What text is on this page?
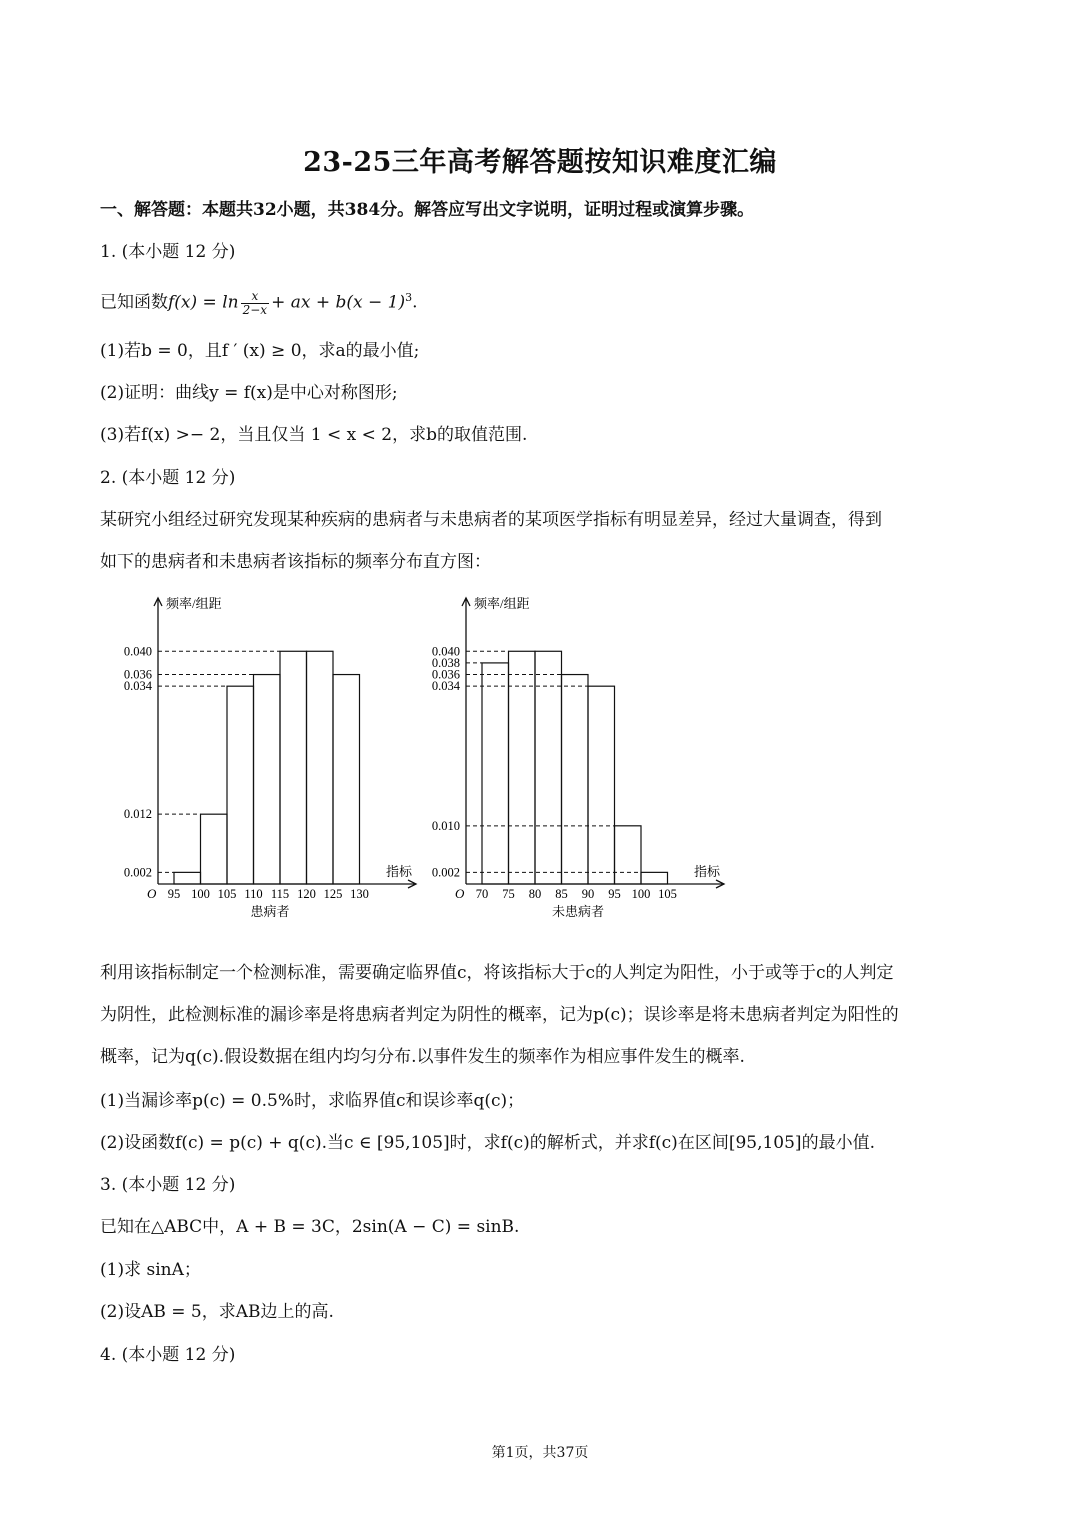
23-25三年高考解答题按知识难度汇编
一、解答题：本题共32小题，共384分。解答应写出文字说明，证明过程或演算步骤。
1. (本小题 12 分)
已知函数$f(x) = \ln \frac{x}{2-x}$ + ax + $b(x - 1)^3$.
(1)若b = 0，且f ′ (x) ≥ 0，求a的最小值;
(2)证明：曲线y = f(x)是中心对称图形;
(3)若f(x) >− 2，当且仅当 1 < x < 2，求b的取值范围.
2. (本小题 12 分)
某研究小组经过研究发现某种疾病的患病者与未患病者的某项医学指标有明显差异，经过大量调查，得到
如下的患病者和未患病者该指标的频率分布直方图：
频率/组距
指标
O
0.002
0.012
0.034
0.036
0.040
95 100 105 110 115 120 125 130
患病者
频率/组距
指标
O
0.002
0.010
0.034
0.036
0.038
0.040
70 75 80 85 90 95 100 105
未患病者
利用该指标制定一个检测标准，需要确定临界值c，将该指标大于c的人判定为阳性，小于或等于c的人判定
为阴性，此检测标准的漏诊率是将患病者判定为阴性的概率，记为p(c)；误诊率是将未患病者判定为阳性的
概率，记为q(c).假设数据在组内均匀分布.以事件发生的频率作为相应事件发生的概率.
(1)当漏诊率p(c) = 0.5%时，求临界值c和误诊率q(c)；
(2)设函数f(c) = p(c) + q(c).当c ∈ [95,105]时，求f(c)的解析式，并求f(c)在区间[95,105]的最小值.
3. (本小题 12 分)
已知在△ABC中，A + B = 3C，2sin(A − C) = sinB.
(1)求 sinA；
(2)设AB = 5，求AB边上的高.
4. (本小题 12 分)
第1页，共37页
